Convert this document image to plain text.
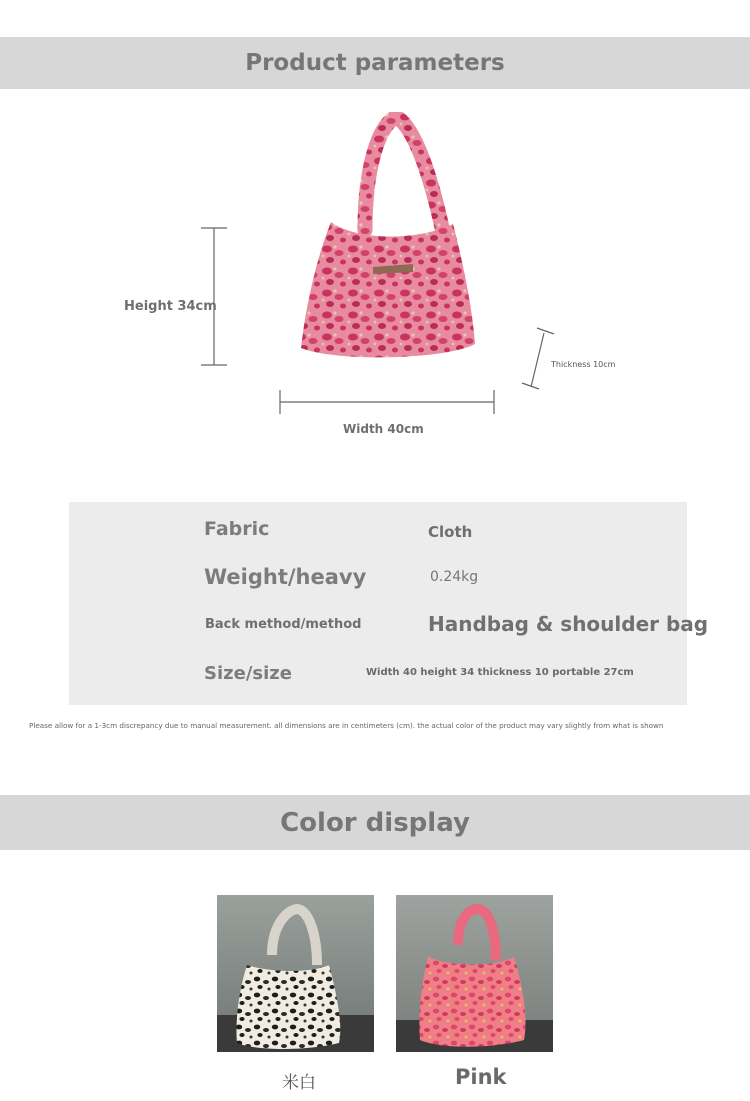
Product parameters
Height 34cm
Width 40cm
Thickness 10cm
Fabric	Cloth
Weight/heavy	0.24kg
Back method/method	Handbag & shoulder bag
Size/size	Width 40 height 34 thickness 10 portable 27cm
Please allow for a 1-3cm discrepancy due to manual measurement. all dimensions are in centimeters (cm). the actual color of the product may vary slightly from what is shown
Color display
米白	Pink
